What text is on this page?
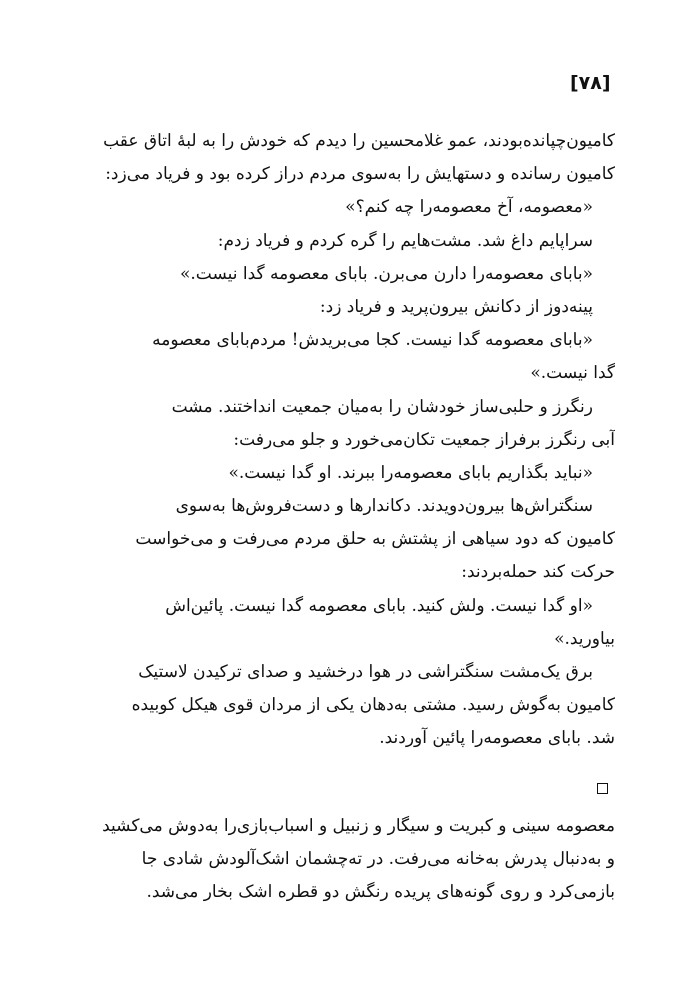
[۷۸]
کامیون‌چپانده‌بودند، عمو غلامحسین را دیدم که خودش را به لبهٔ اتاق عقب
کامیون رسانده و دستهایش را به‌سوی مردم دراز کرده بود و فریاد می‌زد:
«معصومه، آخ معصومه‌را چه کنم؟»
سراپایم داغ شد. مشت‌هایم را گره کردم و فریاد زدم:
«بابای معصومه‌را دارن می‌برن. بابای معصومه گدا نیست.»
پینه‌دوز از دکانش بیرون‌پرید و فریاد زد:
«بابای معصومه گدا نیست. کجا می‌بریدش! مردم‌بابای معصومه
گدا نیست.»
رنگرز و حلبی‌ساز خودشان را به‌میان جمعیت انداختند. مشت
آبی رنگرز برفراز جمعیت تکان‌می‌خورد و جلو می‌رفت:
«نباید بگذاریم بابای معصومه‌را ببرند. او گدا نیست.»
سنگتراش‌ها بیرون‌دویدند. دکاندارها و دست‌فروش‌ها به‌سوی
کامیون که دود سیاهی از پشتش به حلق مردم می‌رفت و می‌خواست
حرکت کند حمله‌بردند:
«او گدا نیست. ولش کنید. بابای معصومه گدا نیست. پائین‌اش
بیاورید.»
برق یک‌مشت سنگتراشی در هوا درخشید و صدای ترکیدن لاستیک
کامیون به‌گوش رسید. مشتی به‌دهان یکی از مردان قوی هیکل کوبیده
شد. بابای معصومه‌را پائین آوردند.
معصومه سینی و کبریت و سیگار و زنبیل و اسباب‌بازی‌را به‌دوش می‌کشید
و به‌دنبال پدرش به‌خانه می‌رفت. در ته‌چشمان اشک‌آلودش شادی جا
بازمی‌کرد و روی گونه‌های پریده رنگش دو قطره اشک بخار می‌شد.
